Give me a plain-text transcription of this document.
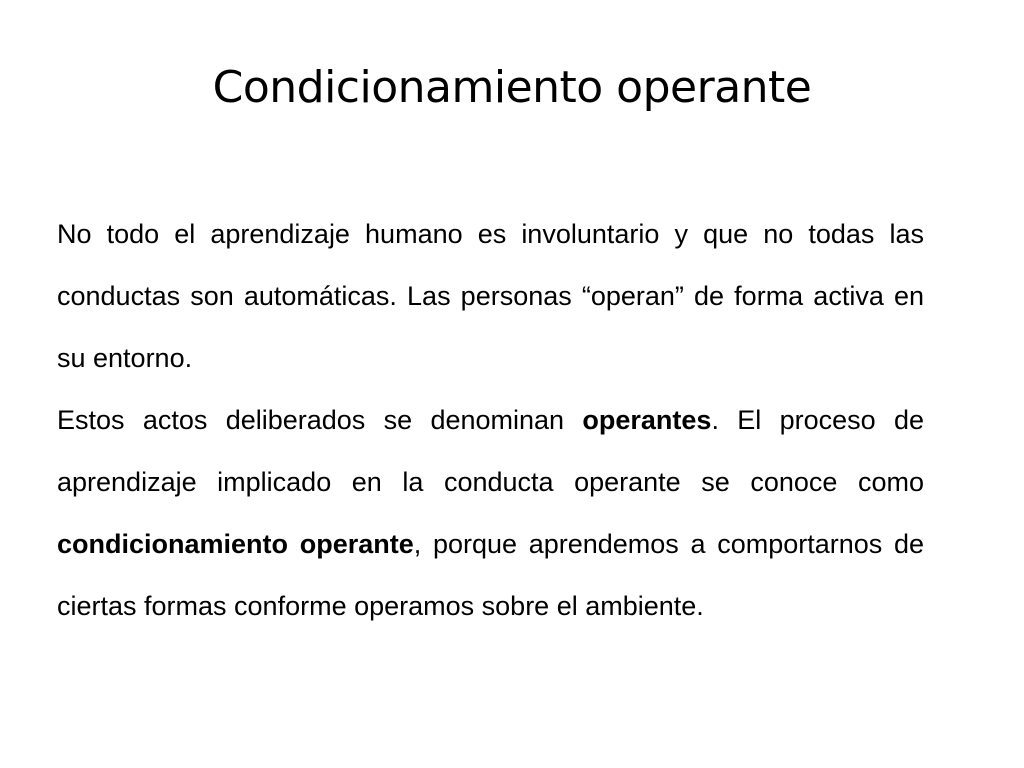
Condicionamiento operante

No todo el aprendizaje humano es involuntario y que no todas las conductas son automáticas. Las personas “operan” de forma activa en su entorno.

Estos actos deliberados se denominan operantes. El proceso de aprendizaje implicado en la conducta operante se conoce como condicionamiento operante, porque aprendemos a comportarnos de ciertas formas conforme operamos sobre el ambiente.
